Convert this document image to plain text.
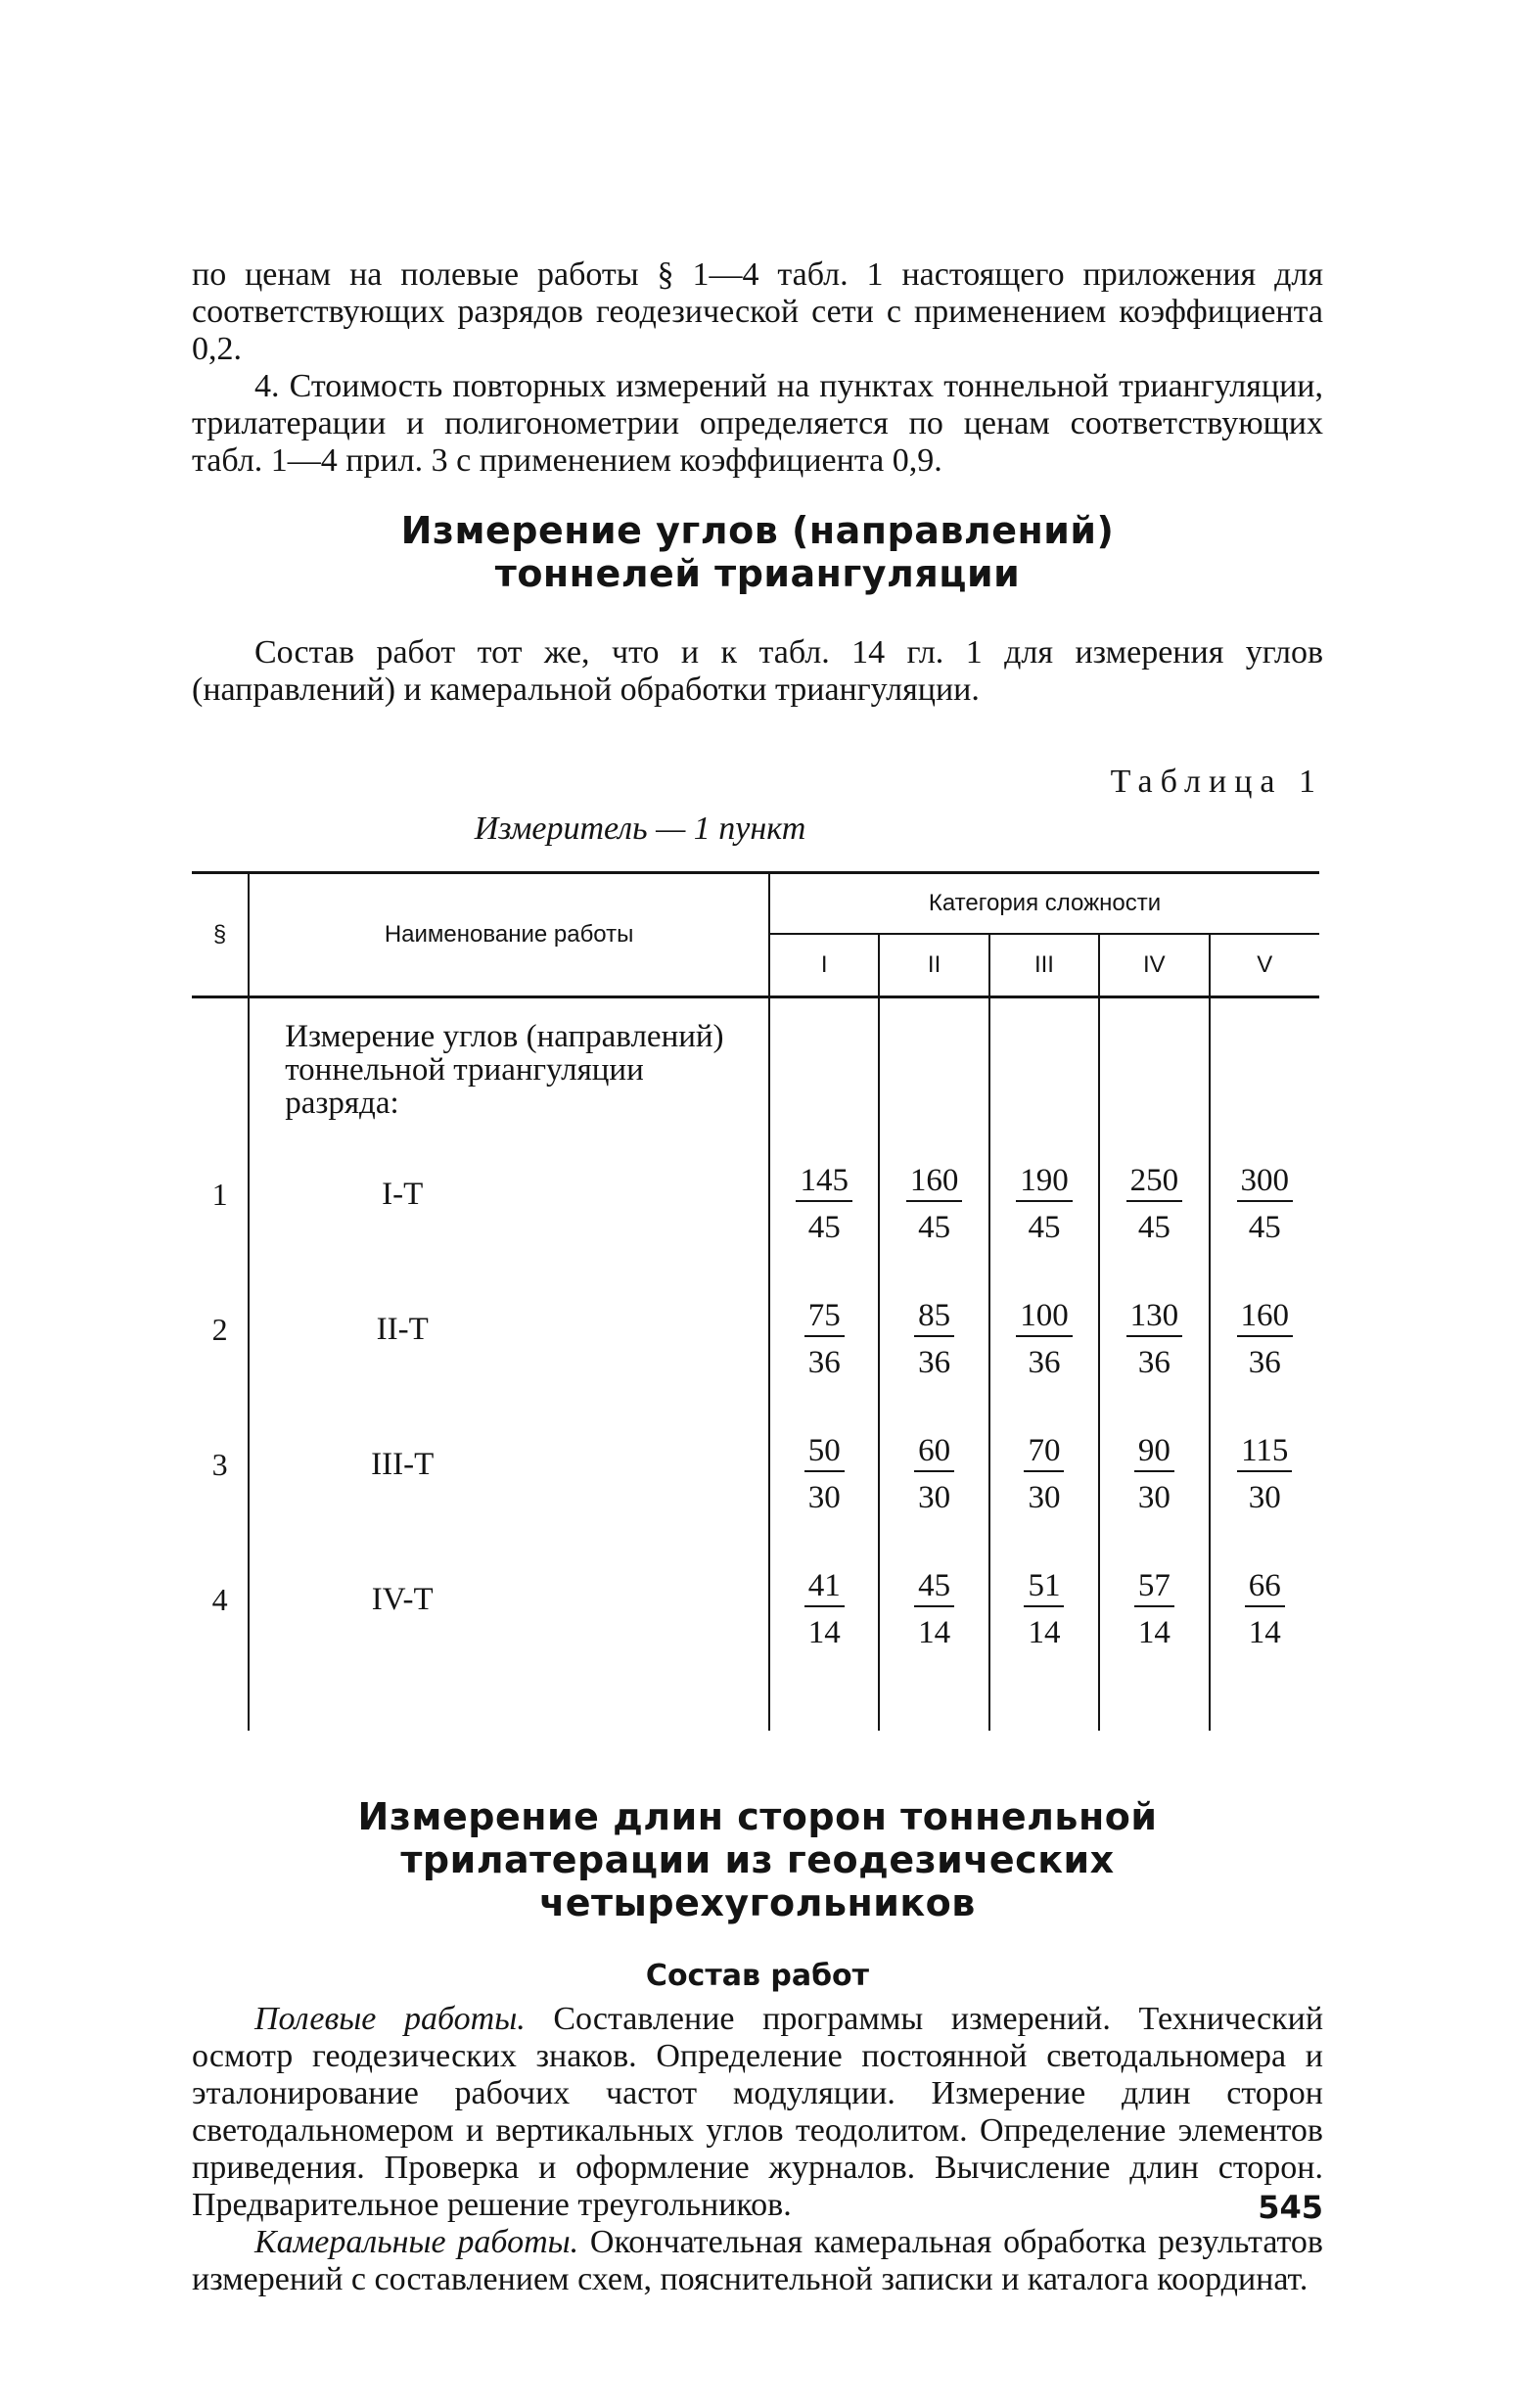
по ценам на полевые работы § 1—4 табл. 1 настоящего приложения для соответствующих разрядов геодезической сети с применением коэффициента 0,2.

4. Стоимость повторных измерений на пунктах тоннельной триангуляции, трилатерации и полигонометрии определяется по ценам соответствующих табл. 1—4 прил. 3 с применением коэффициента 0,9.

Измерение углов (направлений) тоннелей триангуляции

Состав работ тот же, что и к табл. 14 гл. 1 для измерения углов (направлений) и камеральной обработки триангуляции.

Таблица 1
Измеритель — 1 пункт
§	Наименование работы	Категория сложности				
		I	II	III	IV	V
	Измерение углов (направлений) тоннельной триангуляции разряда:					
1	I-Т	$\frac{145}{45}$	$\frac{160}{45}$	$\frac{190}{45}$	$\frac{250}{45}$	$\frac{300}{45}$

2	II-Т	$\frac{75}{36}$	$\frac{85}{36}$	$\frac{100}{36}$	$\frac{130}{36}$	$\frac{160}{36}$

3	III-Т	$\frac{50}{30}$	$\frac{60}{30}$	$\frac{70}{30}$	$\frac{90}{30}$	$\frac{115}{30}$

4	IV-Т	$\frac{41}{14}$	$\frac{45}{14}$	$\frac{51}{14}$	$\frac{57}{14}$	$\frac{66}{14}$

Измерение длин сторон тоннельной трилатерации из геодезических четырехугольников
Состав работ

Полевые работы. Составление программы измерений. Технический осмотр геодезических знаков. Определение постоянной светодальномера и эталонирование рабочих частот модуляции. Измерение длин сторон светодальномером и вертикальных углов теодолитом. Определение элементов приведения. Проверка и оформление журналов. Вычисление длин сторон. Предварительное решение треугольников.

Камеральные работы. Окончательная камеральная обработка результатов измерений с составлением схем, пояснительной записки и каталога координат.

545
